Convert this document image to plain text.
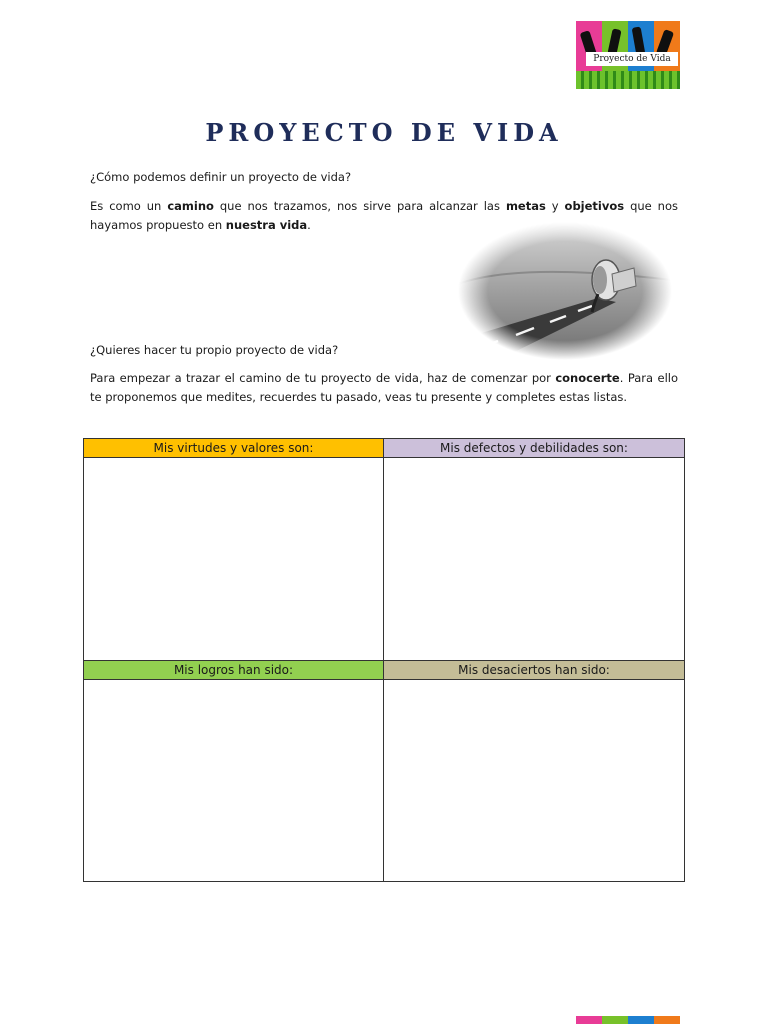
Proyecto de Vida
PROYECTO DE VIDA

¿Cómo podemos definir un proyecto de vida?

Es como un camino que nos trazamos, nos sirve para alcanzar las metas y objetivos que nos hayamos propuesto en nuestra vida.

¿Quieres hacer tu propio proyecto de vida?

Para empezar a trazar el camino de tu proyecto de vida, haz de comenzar por conocerte. Para ello te proponemos que medites, recuerdes tu pasado, veas tu presente y completes estas listas.

Mis virtudes y valores son:	Mis defectos y debilidades son:
Mis logros han sido:	Mis desaciertos han sido:
